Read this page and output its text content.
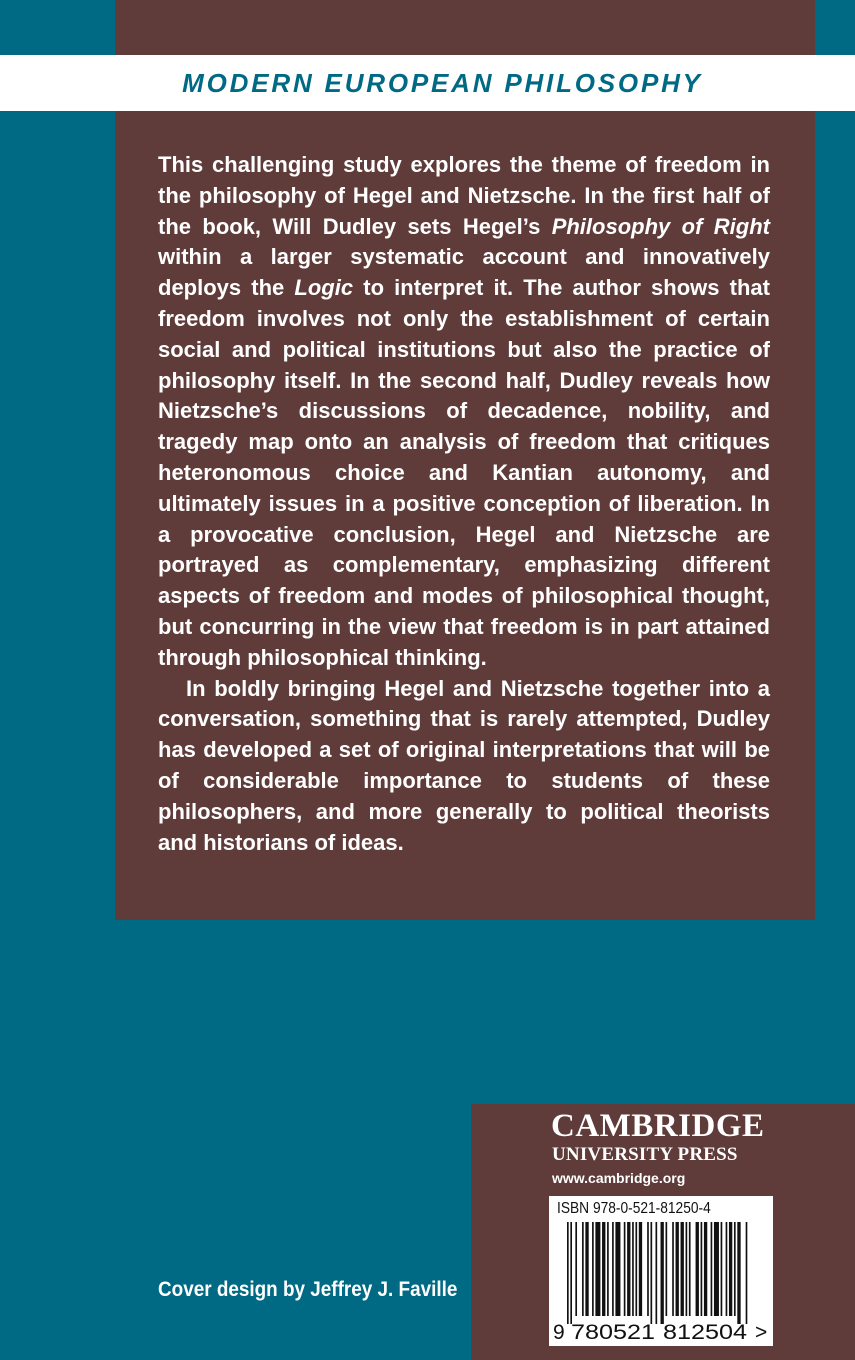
MODERN EUROPEAN PHILOSOPHY

This challenging study explores the theme of freedom in the philosophy of Hegel and Nietzsche. In the first half of the book, Will Dudley sets Hegel’s Philosophy of Right within a larger systematic account and innovatively deploys the Logic to interpret it. The author shows that freedom involves not only the establishment of certain social and political institutions but also the practice of philosophy itself. In the second half, Dudley reveals how Nietzsche’s discussions of decadence, nobility, and tragedy map onto an analysis of freedom that critiques heteronomous choice and Kantian autonomy, and ultimately issues in a positive conception of liberation. In a provocative conclusion, Hegel and Nietzsche are portrayed as complementary, emphasizing different aspects of freedom and modes of philosophical thought, but concurring in the view that freedom is in part attained through philosophical thinking.

In boldly bringing Hegel and Nietzsche together into a conversation, something that is rarely attempted, Dudley has developed a set of original interpretations that will be of considerable importance to students of these philosophers, and more generally to political theorists and historians of ideas.

CAMBRIDGE
UNIVERSITY PRESS
www.cambridge.org
9 780521 812504 >
ISBN 978-0-521-81250-4
Cover design by Jeffrey J. Faville
